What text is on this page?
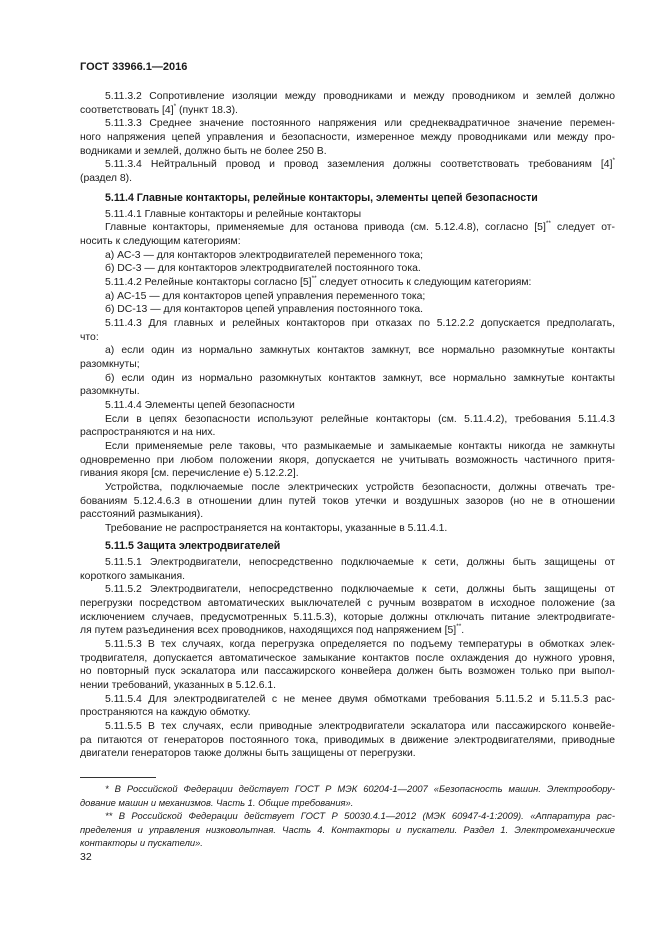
ГОСТ 33966.1—2016
5.11.3.2 Сопротивление изоляции между проводниками и между проводником и землей должно
соответствовать [4]* (пункт 18.3).
5.11.3.3 Среднее значение постоянного напряжения или среднеквадратичное значение перемен-
ного напряжения цепей управления и безопасности, измеренное между проводниками или между про-
водниками и землей, должно быть не более 250 В.
5.11.3.4 Нейтральный провод и провод заземления должны соответствовать требованиям [4]*
(раздел 8).
5.11.4 Главные контакторы, релейные контакторы, элементы цепей безопасности
5.11.4.1 Главные контакторы и релейные контакторы
Главные контакторы, применяемые для останова привода (см. 5.12.4.8), согласно [5]** следует от-
носить к следующим категориям:
а) АС-3 — для контакторов электродвигателей переменного тока;
б) DC-3 — для контакторов электродвигателей постоянного тока.
5.11.4.2 Релейные контакторы согласно [5]** следует относить к следующим категориям:
а) АС-15 — для контакторов цепей управления переменного тока;
б) DC-13 — для контакторов цепей управления постоянного тока.
5.11.4.3 Для главных и релейных контакторов при отказах по 5.12.2.2 допускается предполагать,
что:
а) если один из нормально замкнутых контактов замкнут, все нормально разомкнутые контакты
разомкнуты;
б) если один из нормально разомкнутых контактов замкнут, все нормально замкнутые контакты
разомкнуты.
5.11.4.4 Элементы цепей безопасности
Если в цепях безопасности используют релейные контакторы (см. 5.11.4.2), требования 5.11.4.3
распространяются и на них.
Если применяемые реле таковы, что размыкаемые и замыкаемые контакты никогда не замкнуты
одновременно при любом положении якоря, допускается не учитывать возможность частичного притя-
гивания якоря [см. перечисление е) 5.12.2.2].
Устройства, подключаемые после электрических устройств безопасности, должны отвечать тре-
бованиям 5.12.4.6.3 в отношении длин путей токов утечки и воздушных зазоров (но не в отношении
расстояний размыкания).
Требование не распространяется на контакторы, указанные в 5.11.4.1.
5.11.5 Защита электродвигателей
5.11.5.1 Электродвигатели, непосредственно подключаемые к сети, должны быть защищены от
короткого замыкания.
5.11.5.2 Электродвигатели, непосредственно подключаемые к сети, должны быть защищены от
перегрузки посредством автоматических выключателей с ручным возвратом в исходное положение (за
исключением случаев, предусмотренных 5.11.5.3), которые должны отключать питание электродвигате-
ля путем разъединения всех проводников, находящихся под напряжением [5]**.
5.11.5.3 В тех случаях, когда перегрузка определяется по подъему температуры в обмотках элек-
тродвигателя, допускается автоматическое замыкание контактов после охлаждения до нужного уровня,
но повторный пуск эскалатора или пассажирского конвейера должен быть возможен только при выпол-
нении требований, указанных в 5.12.6.1.
5.11.5.4 Для электродвигателей с не менее двумя обмотками требования 5.11.5.2 и 5.11.5.3 рас-
пространяются на каждую обмотку.
5.11.5.5 В тех случаях, если приводные электродвигатели эскалатора или пассажирского конвейе-
ра питаются от генераторов постоянного тока, приводимых в движение электродвигателями, приводные
двигатели генераторов также должны быть защищены от перегрузки.
* В Российской Федерации действует ГОСТ Р МЭК 60204-1—2007 «Безопасность машин. Электрообору-
дование машин и механизмов. Часть 1. Общие требования».
** В Российской Федерации действует ГОСТ Р 50030.4.1—2012 (МЭК 60947-4-1:2009). «Аппаратура рас-
пределения и управления низковольтная. Часть 4. Контакторы и пускатели. Раздел 1. Электромеханические
контакторы и пускатели».
32
